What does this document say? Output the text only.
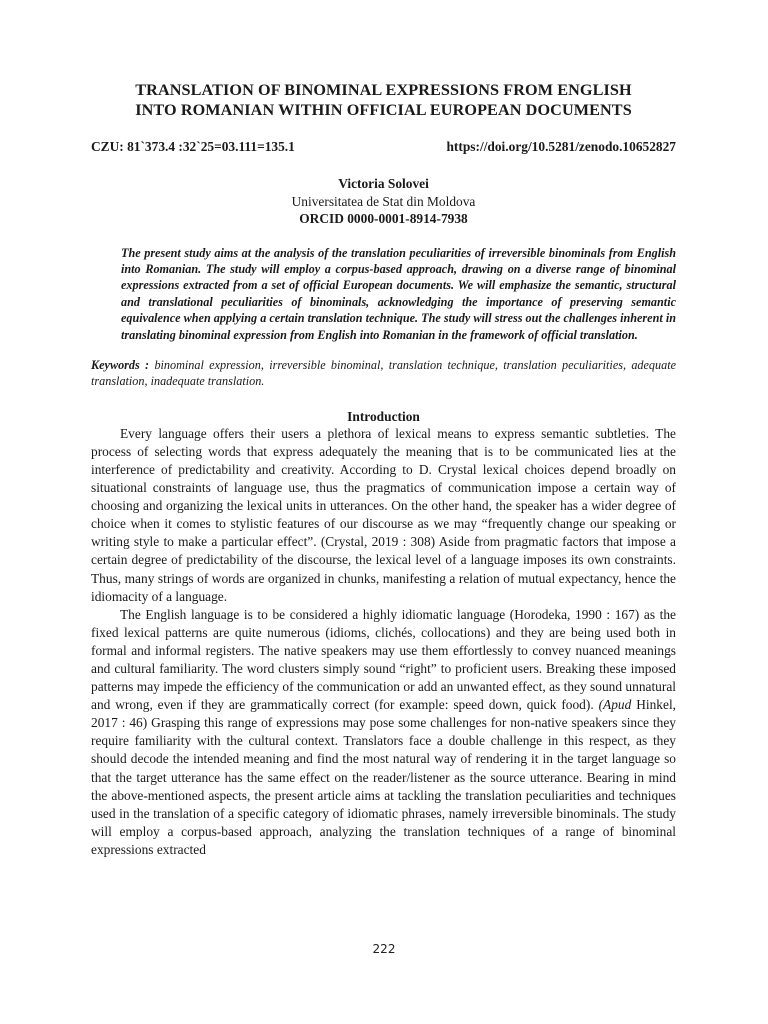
TRANSLATION OF BINOMINAL EXPRESSIONS FROM ENGLISH
INTO ROMANIAN WITHIN OFFICIAL EUROPEAN DOCUMENTS
CZU: 81`373.4 :32`25=03.111=135.1	https://doi.org/10.5281/zenodo.10652827
Victoria Solovei
Universitatea de Stat din Moldova
ORCID 0000-0001-8914-7938

The present study aims at the analysis of the translation peculiarities of irreversible binominals from English into Romanian. The study will employ a corpus-based approach, drawing on a diverse range of binominal expressions extracted from a set of official European documents. We will emphasize the semantic, structural and translational peculiarities of binominals, acknowledging the importance of preserving semantic equivalence when applying a certain translation technique. The study will stress out the challenges inherent in translating binominal expression from English into Romanian in the framework of official translation.

Keywords : binominal expression, irreversible binominal, translation technique, translation peculiarities, adequate translation, inadequate translation.
Introduction

Every language offers their users a plethora of lexical means to express semantic subtleties. The process of selecting words that express adequately the meaning that is to be communicated lies at the interference of predictability and creativity. According to D. Crystal lexical choices depend broadly on situational constraints of language use, thus the pragmatics of communication impose a certain way of choosing and organizing the lexical units in utterances. On the other hand, the speaker has a wider degree of choice when it comes to stylistic features of our discourse as we may “frequently change our speaking or writing style to make a particular effect”. (Crystal, 2019 : 308) Aside from pragmatic factors that impose a certain degree of predictability of the discourse, the lexical level of a language imposes its own constraints. Thus, many strings of words are organized in chunks, manifesting a relation of mutual expectancy, hence the idiomacity of a language.

The English language is to be considered a highly idiomatic language (Horodeka, 1990 : 167) as the fixed lexical patterns are quite numerous (idioms, clichés, collocations) and they are being used both in formal and informal registers. The native speakers may use them effortlessly to convey nuanced meanings and cultural familiarity. The word clusters simply sound “right” to proficient users. Breaking these imposed patterns may impede the efficiency of the communication or add an unwanted effect, as they sound unnatural and wrong, even if they are grammatically correct (for example: speed down, quick food). (Apud Hinkel, 2017 : 46) Grasping this range of expressions may pose some challenges for non-native speakers since they require familiarity with the cultural context. Translators face a double challenge in this respect, as they should decode the intended meaning and find the most natural way of rendering it in the target language so that the target utterance has the same effect on the reader/listener as the source utterance. Bearing in mind the above-mentioned aspects, the present article aims at tackling the translation peculiarities and techniques used in the translation of a specific category of idiomatic phrases, namely irreversible binominals. The study will employ a corpus-based approach, analyzing the translation techniques of a range of binominal expressions extracted

222
